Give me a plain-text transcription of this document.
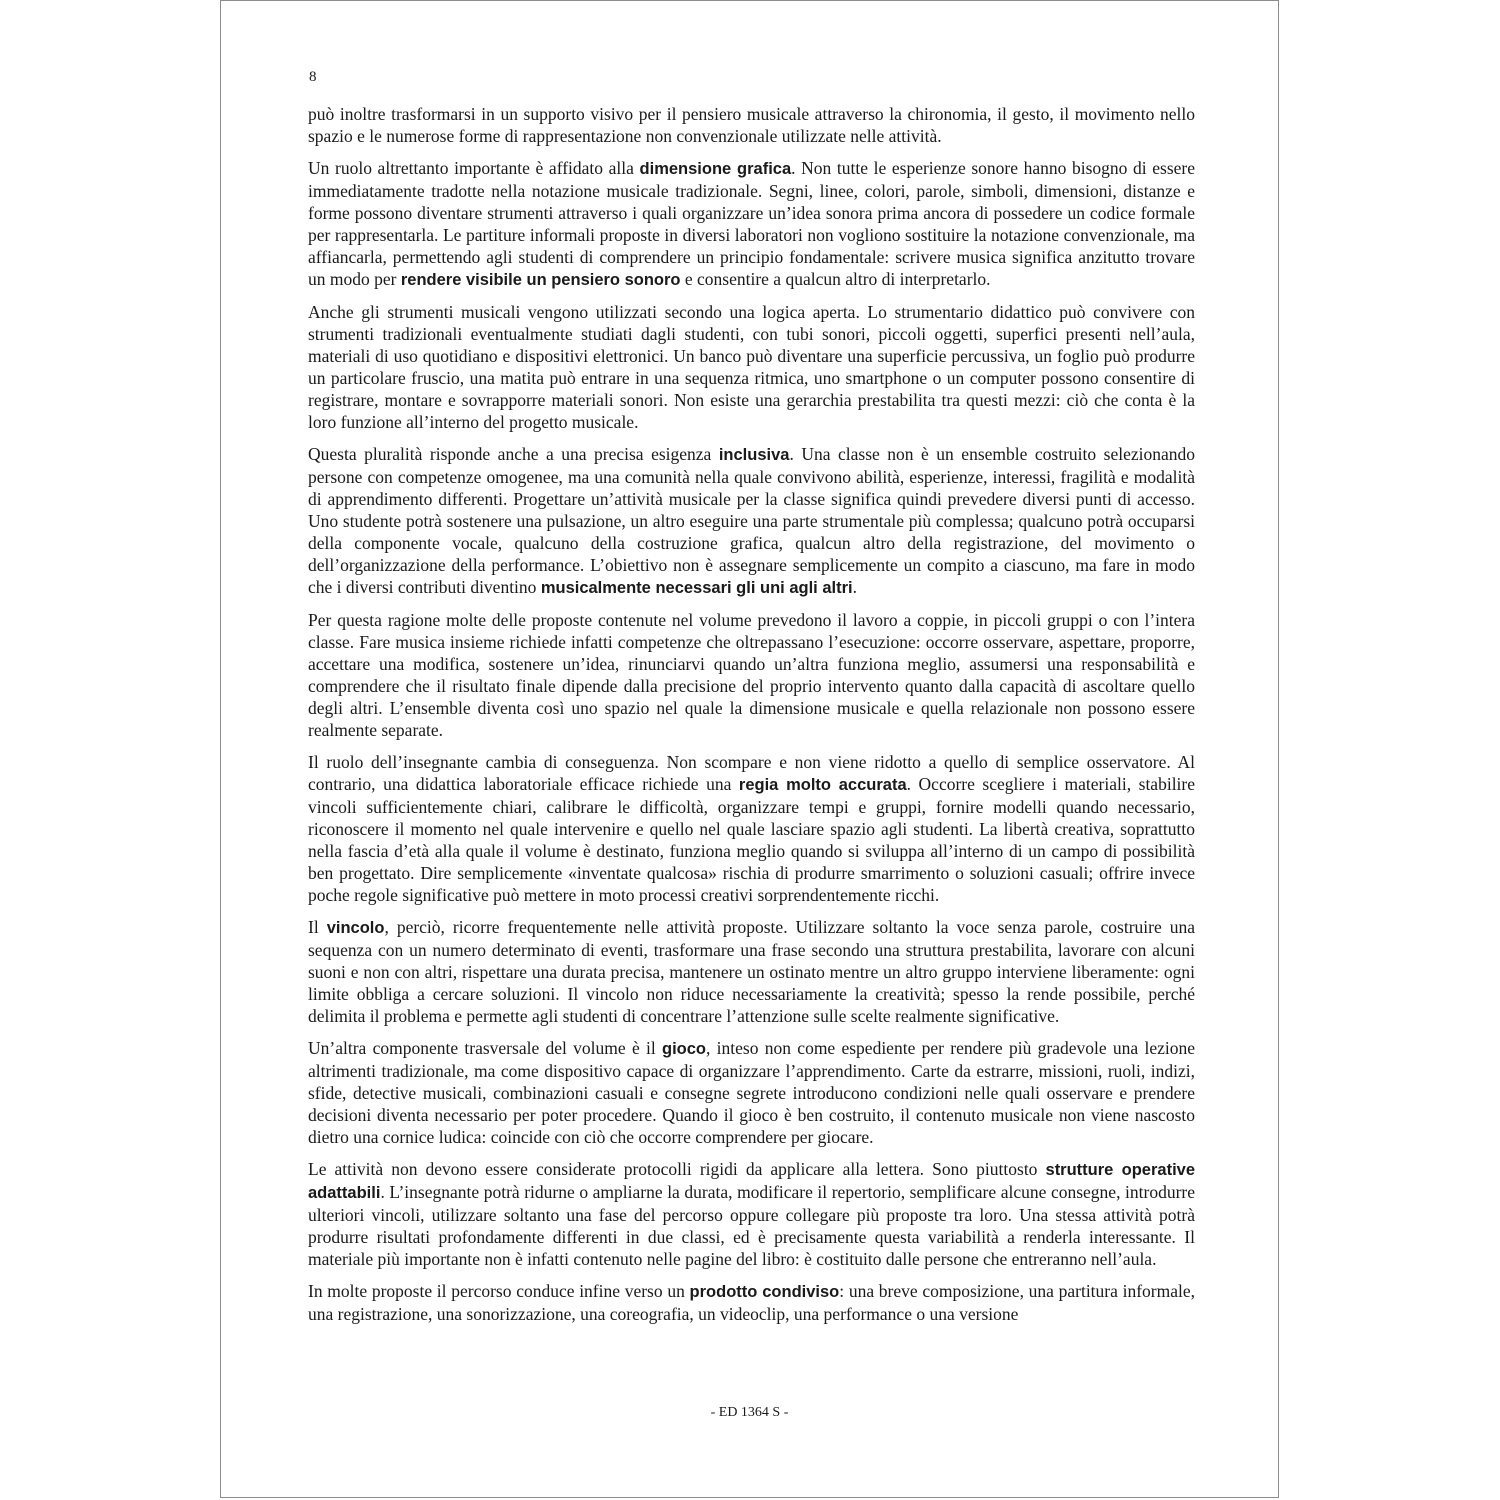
8

può inoltre trasformarsi in un supporto visivo per il pensiero musicale attraverso la chironomia, il gesto, il movimento nello spazio e le numerose forme di rappresentazione non convenzionale utilizzate nelle attività.

Un ruolo altrettanto importante è affidato alla dimensione grafica. Non tutte le esperienze sonore hanno bisogno di essere immediatamente tradotte nella notazione musicale tradizionale. Segni, linee, colori, parole, simboli, dimensioni, distanze e forme possono diventare strumenti attraverso i quali organizzare un’idea sonora prima ancora di possedere un codice formale per rappresentarla. Le partiture informali proposte in diversi laboratori non vogliono sostituire la notazione convenzionale, ma affiancarla, permettendo agli studenti di comprendere un principio fondamentale: scrivere musica significa anzitutto trovare un modo per rendere visibile un pensiero sonoro e consentire a qualcun altro di interpretarlo.

Anche gli strumenti musicali vengono utilizzati secondo una logica aperta. Lo strumentario didattico può convivere con strumenti tradizionali eventualmente studiati dagli studenti, con tubi sonori, piccoli oggetti, superfici presenti nell’aula, materiali di uso quotidiano e dispositivi elettronici. Un banco può diventare una superficie percussiva, un foglio può produrre un particolare fruscio, una matita può entrare in una sequenza ritmica, uno smartphone o un computer possono consentire di registrare, montare e sovrapporre materiali sonori. Non esiste una gerarchia prestabilita tra questi mezzi: ciò che conta è la loro funzione all’interno del progetto musicale.

Questa pluralità risponde anche a una precisa esigenza inclusiva. Una classe non è un ensemble costruito selezionando persone con competenze omogenee, ma una comunità nella quale convivono abilità, esperienze, interessi, fragilità e modalità di apprendimento differenti. Progettare un’attività musicale per la classe significa quindi prevedere diversi punti di accesso. Uno studente potrà sostenere una pulsazione, un altro eseguire una parte strumentale più complessa; qualcuno potrà occuparsi della componente vocale, qualcuno della costruzione grafica, qualcun altro della registrazione, del movimento o dell’organizzazione della performance. L’obiettivo non è assegnare semplicemente un compito a ciascuno, ma fare in modo che i diversi contributi diventino musicalmente necessari gli uni agli altri.

Per questa ragione molte delle proposte contenute nel volume prevedono il lavoro a coppie, in piccoli gruppi o con l’intera classe. Fare musica insieme richiede infatti competenze che oltrepassano l’esecuzione: occorre osservare, aspettare, proporre, accettare una modifica, sostenere un’idea, rinunciarvi quando un’altra funziona meglio, assumersi una responsabilità e comprendere che il risultato finale dipende dalla precisione del proprio intervento quanto dalla capacità di ascoltare quello degli altri. L’ensemble diventa così uno spazio nel quale la dimensione musicale e quella relazionale non possono essere realmente separate.

Il ruolo dell’insegnante cambia di conseguenza. Non scompare e non viene ridotto a quello di semplice osservatore. Al contrario, una didattica laboratoriale efficace richiede una regia molto accurata. Occorre scegliere i materiali, stabilire vincoli sufficientemente chiari, calibrare le difficoltà, organizzare tempi e gruppi, fornire modelli quando necessario, riconoscere il momento nel quale intervenire e quello nel quale lasciare spazio agli studenti. La libertà creativa, soprattutto nella fascia d’età alla quale il volume è destinato, funziona meglio quando si sviluppa all’interno di un campo di possibilità ben progettato. Dire semplicemente «inventate qualcosa» rischia di produrre smarrimento o soluzioni casuali; offrire invece poche regole significative può mettere in moto processi creativi sorprendentemente ricchi.

Il vincolo, perciò, ricorre frequentemente nelle attività proposte. Utilizzare soltanto la voce senza parole, costruire una sequenza con un numero determinato di eventi, trasformare una frase secondo una struttura prestabilita, lavorare con alcuni suoni e non con altri, rispettare una durata precisa, mantenere un ostinato mentre un altro gruppo interviene liberamente: ogni limite obbliga a cercare soluzioni. Il vincolo non riduce necessariamente la creatività; spesso la rende possibile, perché delimita il problema e permette agli studenti di concentrare l’attenzione sulle scelte realmente significative.

Un’altra componente trasversale del volume è il gioco, inteso non come espediente per rendere più gradevole una lezione altrimenti tradizionale, ma come dispositivo capace di organizzare l’apprendimento. Carte da estrarre, missioni, ruoli, indizi, sfide, detective musicali, combinazioni casuali e consegne segrete introducono condizioni nelle quali osservare e prendere decisioni diventa necessario per poter procedere. Quando il gioco è ben costruito, il contenuto musicale non viene nascosto dietro una cornice ludica: coincide con ciò che occorre comprendere per giocare.

Le attività non devono essere considerate protocolli rigidi da applicare alla lettera. Sono piuttosto strutture operative adattabili. L’insegnante potrà ridurne o ampliarne la durata, modificare il repertorio, semplificare alcune consegne, introdurre ulteriori vincoli, utilizzare soltanto una fase del percorso oppure collegare più proposte tra loro. Una stessa attività potrà produrre risultati profondamente differenti in due classi, ed è precisamente questa variabilità a renderla interessante. Il materiale più importante non è infatti contenuto nelle pagine del libro: è costituito dalle persone che entreranno nell’aula.

In molte proposte il percorso conduce infine verso un prodotto condiviso: una breve composizione, una partitura informale, una registrazione, una sonorizzazione, una coreografia, un videoclip, una performance o una versione

- ED 1364 S -
